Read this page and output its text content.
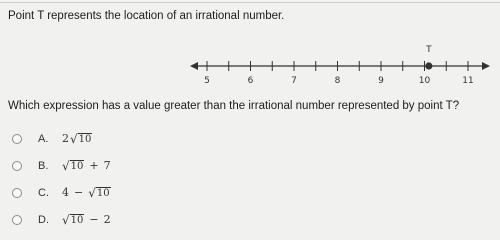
Point T represents the location of an irrational number.
5	6	7	8	9	10	11
T
Which expression has a value greater than the irrational number represented by point T?
A.	2 √ 10
B.	√ 10 + 7
C.	4 − √ 10
D.	√ 10 − 2
